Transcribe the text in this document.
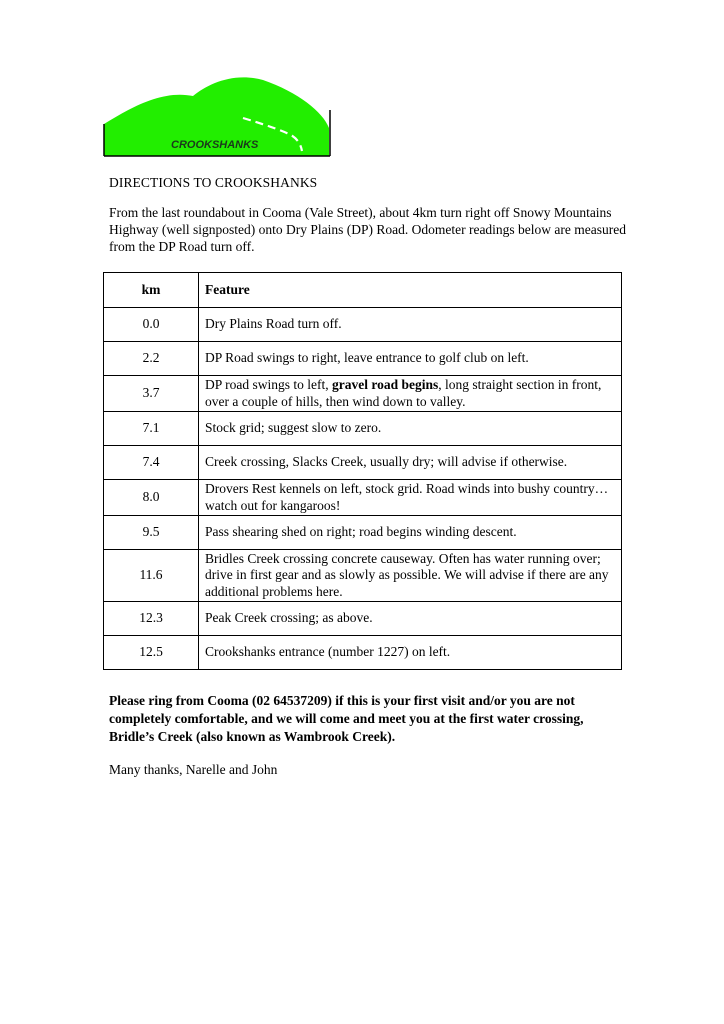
CROOKSHANKS
DIRECTIONS TO CROOKSHANKS
From the last roundabout in Cooma (Vale Street), about 4km turn right off Snowy Mountains Highway (well signposted) onto Dry Plains (DP) Road. Odometer readings below are measured from the DP Road turn off.
km	Feature
0.0	Dry Plains Road turn off.
2.2	DP Road swings to right, leave entrance to golf club on left.
3.7	DP road swings to left, gravel road begins, long straight section in front, over a couple of hills, then wind down to valley.
7.1	Stock grid; suggest slow to zero.
7.4	Creek crossing, Slacks Creek, usually dry; will advise if otherwise.
8.0	Drovers Rest kennels on left, stock grid. Road winds into bushy country… watch out for kangaroos!
9.5	Pass shearing shed on right; road begins winding descent.
11.6	Bridles Creek crossing concrete causeway. Often has water running over; drive in first gear and as slowly as possible. We will advise if there are any additional problems here.
12.3	Peak Creek crossing; as above.
12.5	Crookshanks entrance (number 1227) on left.
Please ring from Cooma (02 64537209) if this is your first visit and/or you are not completely comfortable, and we will come and meet you at the first water crossing, Bridle’s Creek (also known as Wambrook Creek).
Many thanks, Narelle and John
